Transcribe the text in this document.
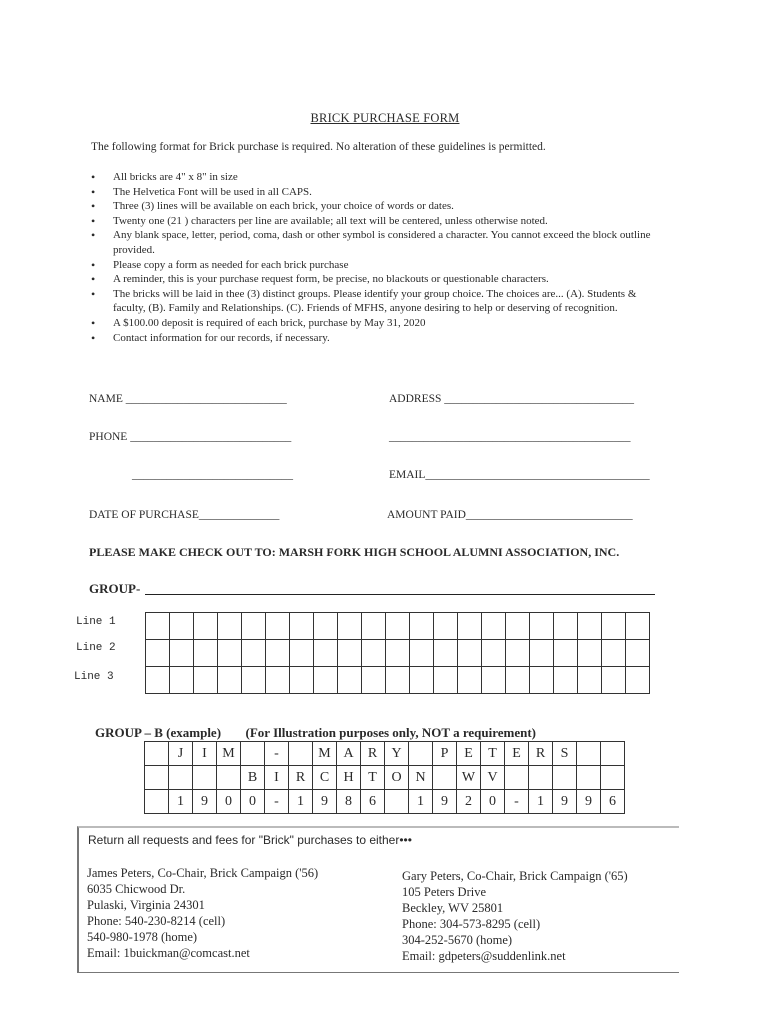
BRICK PURCHASE FORM
The following format for Brick purchase is required. No alteration of these guidelines is permitted.
• All bricks are 4" x 8" in size
• The Helvetica Font will be used in all CAPS.
• Three (3) lines will be available on each brick, your choice of words or dates.
• Twenty one (21 ) characters per line are available; all text will be centered, unless otherwise noted.
• Any blank space, letter, period, coma, dash or other symbol is considered a character. You cannot exceed the block outline provided.
• Please copy a form as needed for each brick purchase
• A reminder, this is your purchase request form, be precise, no blackouts or questionable characters.
• The bricks will be laid in thee (3) distinct groups. Please identify your group choice. The choices are... (A). Students & faculty, (B). Family and Relationships. (C). Friends of MFHS, anyone desiring to help or deserving of recognition.
• A $100.00 deposit is required of each brick, purchase by May 31, 2020
• Contact information for our records, if necessary.
NAME ____________________________	ADDRESS _________________________________
PHONE ____________________________	__________________________________________
____________________________	EMAIL_______________________________________
DATE OF PURCHASE______________	AMOUNT PAID_____________________________
PLEASE MAKE CHECK OUT TO: MARSH FORK HIGH SCHOOL ALUMNI ASSOCIATION, INC.
GROUP-
Line 1
Line 2
Line 3

GROUP – B (example) (For Illustration purposes only, NOT a requirement)
	J	I	M		-		M	A	R	Y		P	E	T	E	R	S		
				B	I	R	C	H	T	O	N		W	V					
	1	9	0	0	-	1	9	8	6		1	9	2	0	-	1	9	9	6
Return all requests and fees for "Brick" purchases to either•••
James Peters, Co-Chair, Brick Campaign ('56)
6035 Chicwood Dr.
Pulaski, Virginia 24301
Phone: 540-230-8214 (cell)
540-980-1978 (home)
Email: 1buickman@comcast.net
Gary Peters, Co-Chair, Brick Campaign ('65)
105 Peters Drive
Beckley, WV 25801
Phone: 304-573-8295 (cell)
304-252-5670 (home)
Email: gdpeters@suddenlink.net
